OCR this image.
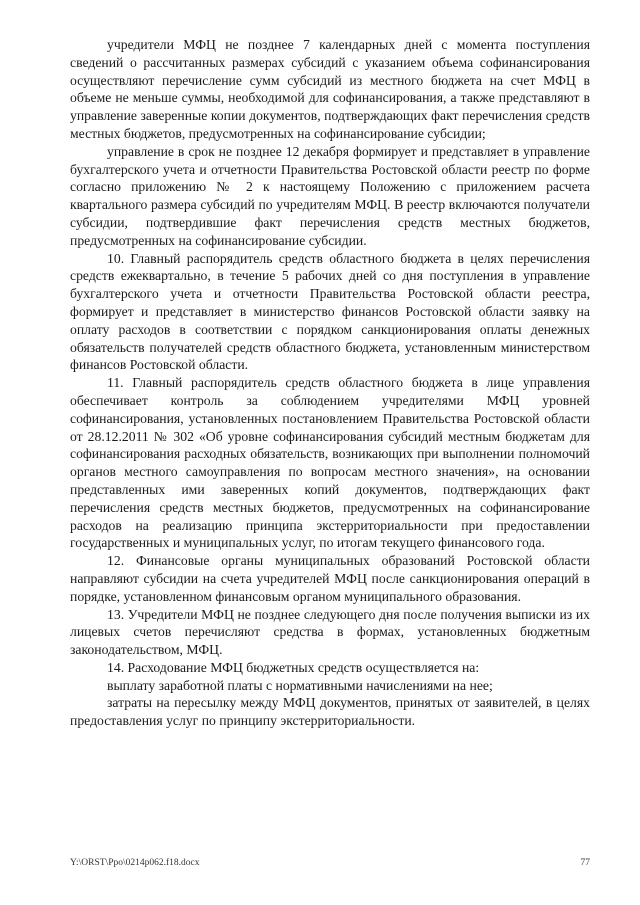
учредители МФЦ не позднее 7 календарных дней с момента поступления сведений о рассчитанных размерах субсидий с указанием объема софинансирования осуществляют перечисление сумм субсидий из местного бюджета на счет МФЦ в объеме не меньше суммы, необходимой для софинансирования, а также представляют в управление заверенные копии документов, подтверждающих факт перечисления средств местных бюджетов, предусмотренных на софинансирование субсидии;

управление в срок не позднее 12 декабря формирует и представляет в управление бухгалтерского учета и отчетности Правительства Ростовской области реестр по форме согласно приложению № 2 к настоящему Положению с приложением расчета квартального размера субсидий по учредителям МФЦ. В реестр включаются получатели субсидии, подтвердившие факт перечисления средств местных бюджетов, предусмотренных на софинансирование субсидии.

10. Главный распорядитель средств областного бюджета в целях перечисления средств ежеквартально, в течение 5 рабочих дней со дня поступления в управление бухгалтерского учета и отчетности Правительства Ростовской области реестра, формирует и представляет в министерство финансов Ростовской области заявку на оплату расходов в соответствии с порядком санкционирования оплаты денежных обязательств получателей средств областного бюджета, установленным министерством финансов Ростовской области.

11. Главный распорядитель средств областного бюджета в лице управления обеспечивает контроль за соблюдением учредителями МФЦ уровней софинансирования, установленных постановлением Правительства Ростовской области от 28.12.2011 № 302 «Об уровне софинансирования субсидий местным бюджетам для софинансирования расходных обязательств, возникающих при выполнении полномочий органов местного самоуправления по вопросам местного значения», на основании представленных ими заверенных копий документов, подтверждающих факт перечисления средств местных бюджетов, предусмотренных на софинансирование расходов на реализацию принципа экстерриториальности при предоставлении государственных и муниципальных услуг, по итогам текущего финансового года.

12. Финансовые органы муниципальных образований Ростовской области направляют субсидии на счета учредителей МФЦ после санкционирования операций в порядке, установленном финансовым органом муниципального образования.

13. Учредители МФЦ не позднее следующего дня после получения выписки из их лицевых счетов перечисляют средства в формах, установленных бюджетным законодательством, МФЦ.

14. Расходование МФЦ бюджетных средств осуществляется на:

выплату заработной платы с нормативными начислениями на нее;

затраты на пересылку между МФЦ документов, принятых от заявителей, в целях предоставления услуг по принципу экстерриториальности.

Y:\ORST\Ppo\0214p062.f18.docx	77
